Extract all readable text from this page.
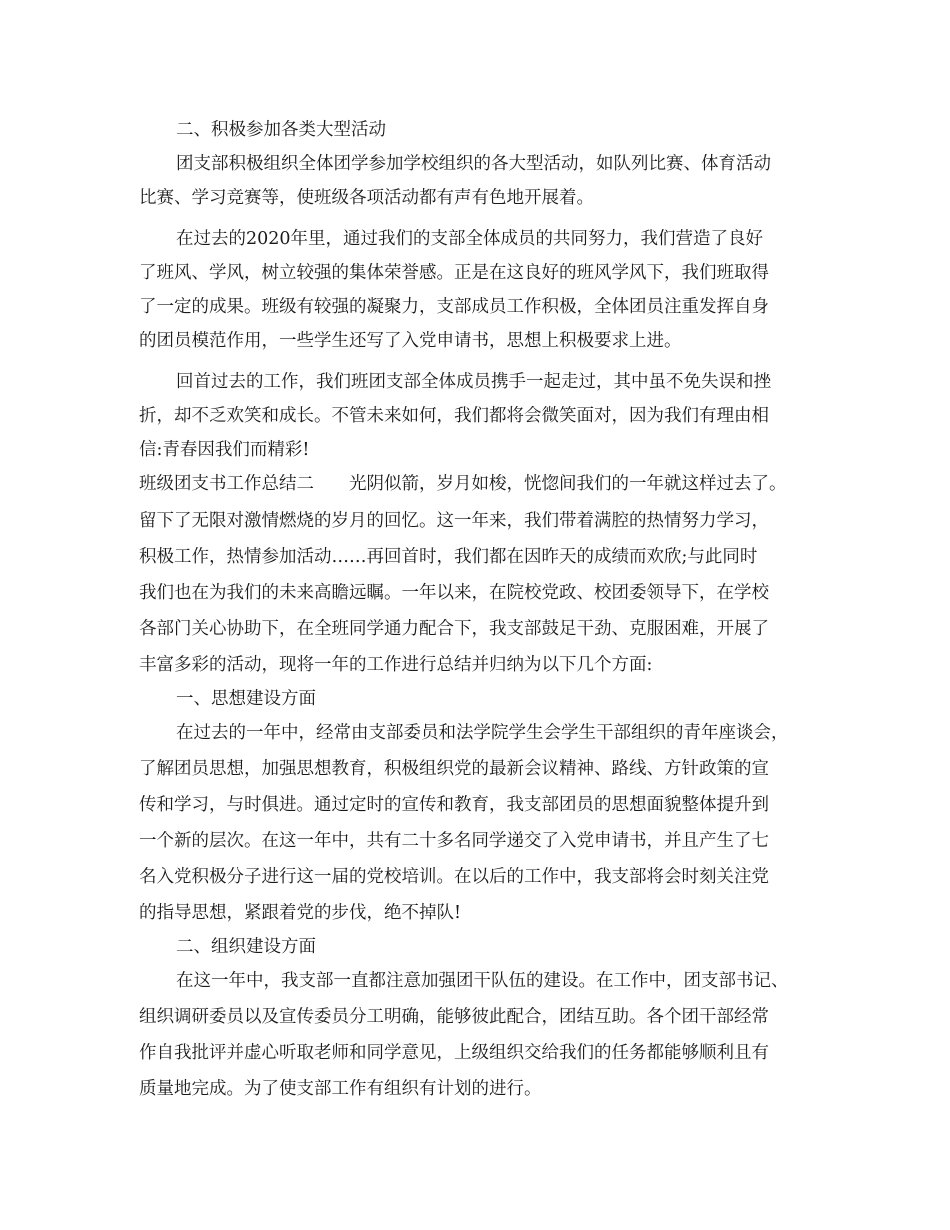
二、积极参加各类大型活动
团支部积极组织全体团学参加学校组织的各大型活动，如队列比赛、体育活动
比赛、学习竞赛等，使班级各项活动都有声有色地开展着。
在过去的2020年里，通过我们的支部全体成员的共同努力，我们营造了良好
了班风、学风，树立较强的集体荣誉感。正是在这良好的班风学风下，我们班取得
了一定的成果。班级有较强的凝聚力，支部成员工作积极，全体团员注重发挥自身
的团员模范作用，一些学生还写了入党申请书，思想上积极要求上进。
回首过去的工作，我们班团支部全体成员携手一起走过，其中虽不免失误和挫
折，却不乏欢笑和成长。不管未来如何，我们都将会微笑面对，因为我们有理由相
信:青春因我们而精彩!
班级团支书工作总结二　　光阴似箭，岁月如梭，恍惚间我们的一年就这样过去了。
留下了无限对激情燃烧的岁月的回忆。这一年来，我们带着满腔的热情努力学习，
积极工作，热情参加活动……再回首时，我们都在因昨天的成绩而欢欣;与此同时
我们也在为我们的未来高瞻远瞩。一年以来，在院校党政、校团委领导下，在学校
各部门关心协助下，在全班同学通力配合下，我支部鼓足干劲、克服困难，开展了
丰富多彩的活动，现将一年的工作进行总结并归纳为以下几个方面:
一、思想建设方面
在过去的一年中，经常由支部委员和法学院学生会学生干部组织的青年座谈会，
了解团员思想，加强思想教育，积极组织党的最新会议精神、路线、方针政策的宣
传和学习，与时俱进。通过定时的宣传和教育，我支部团员的思想面貌整体提升到
一个新的层次。在这一年中，共有二十多名同学递交了入党申请书，并且产生了七
名入党积极分子进行这一届的党校培训。在以后的工作中，我支部将会时刻关注党
的指导思想，紧跟着党的步伐，绝不掉队!
二、组织建设方面
在这一年中，我支部一直都注意加强团干队伍的建设。在工作中，团支部书记、
组织调研委员以及宣传委员分工明确，能够彼此配合，团结互助。各个团干部经常
作自我批评并虚心听取老师和同学意见，上级组织交给我们的任务都能够顺利且有
质量地完成。为了使支部工作有组织有计划的进行。
